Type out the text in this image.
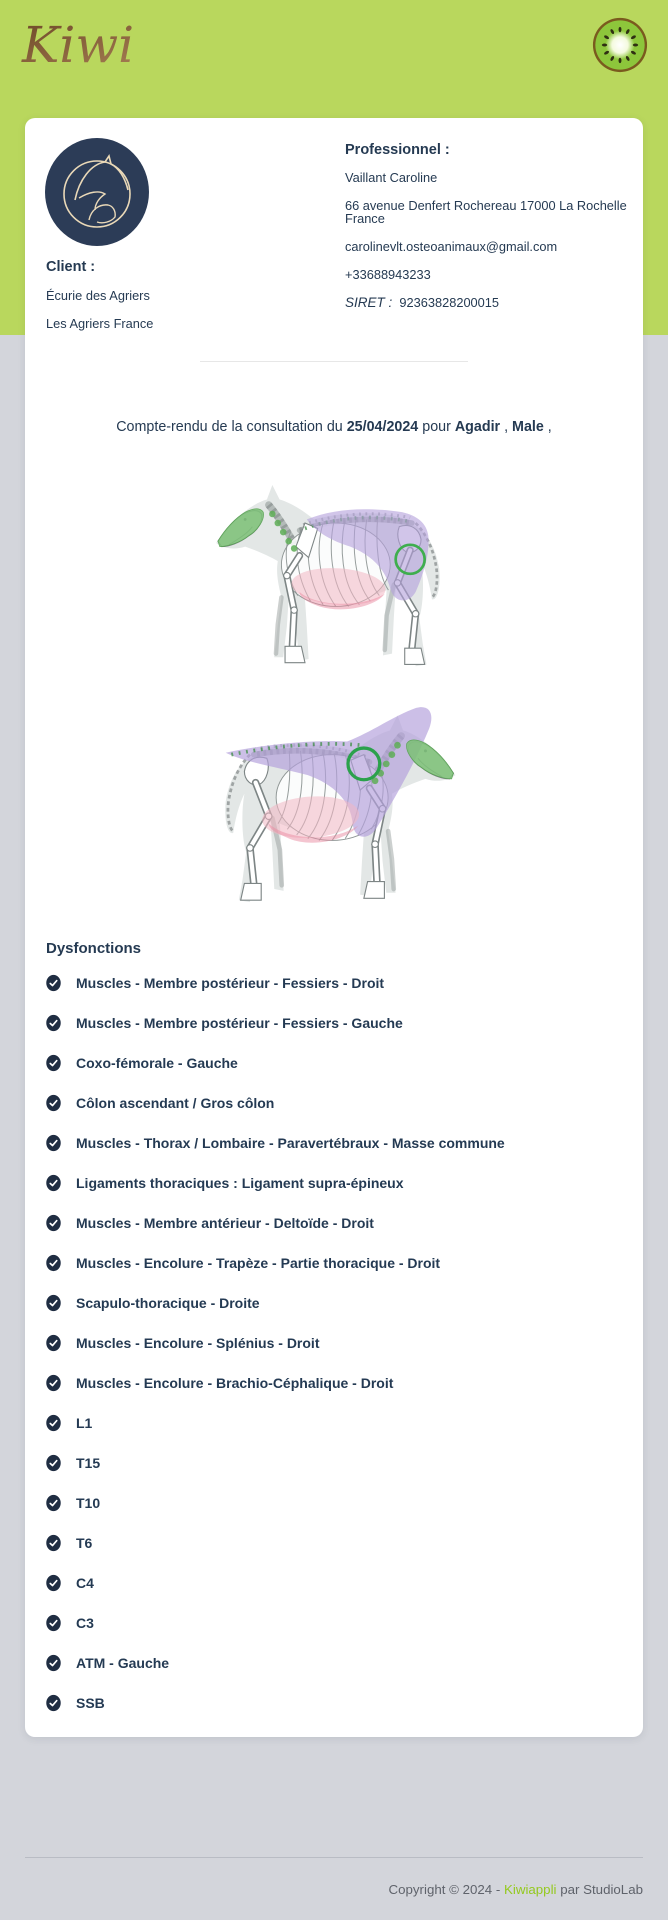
Kiwi

Professionnel :

Vaillant Caroline

66 avenue Denfert Rochereau 17000 La Rochelle France

carolinevlt.osteoanimaux@gmail.com

+33688943233

SIRET : 92363828200015

Client :

Écurie des Agriers

Les Agriers France

Compte-rendu de la consultation du 25/04/2024 pour Agadir , Male ,
Dysfonctions
Muscles - Membre postérieur - Fessiers - Droit
Muscles - Membre postérieur - Fessiers - Gauche
Coxo-fémorale - Gauche
Côlon ascendant / Gros côlon
Muscles - Thorax / Lombaire - Paravertébraux - Masse commune
Ligaments thoraciques : Ligament supra-épineux
Muscles - Membre antérieur - Deltoïde - Droit
Muscles - Encolure - Trapèze - Partie thoracique - Droit
Scapulo-thoracique - Droite
Muscles - Encolure - Splénius - Droit
Muscles - Encolure - Brachio-Céphalique - Droit
L1
T15
T10
T6
C4
C3
ATM - Gauche
SSB
Copyright © 2024 - Kiwiappli par StudioLab
